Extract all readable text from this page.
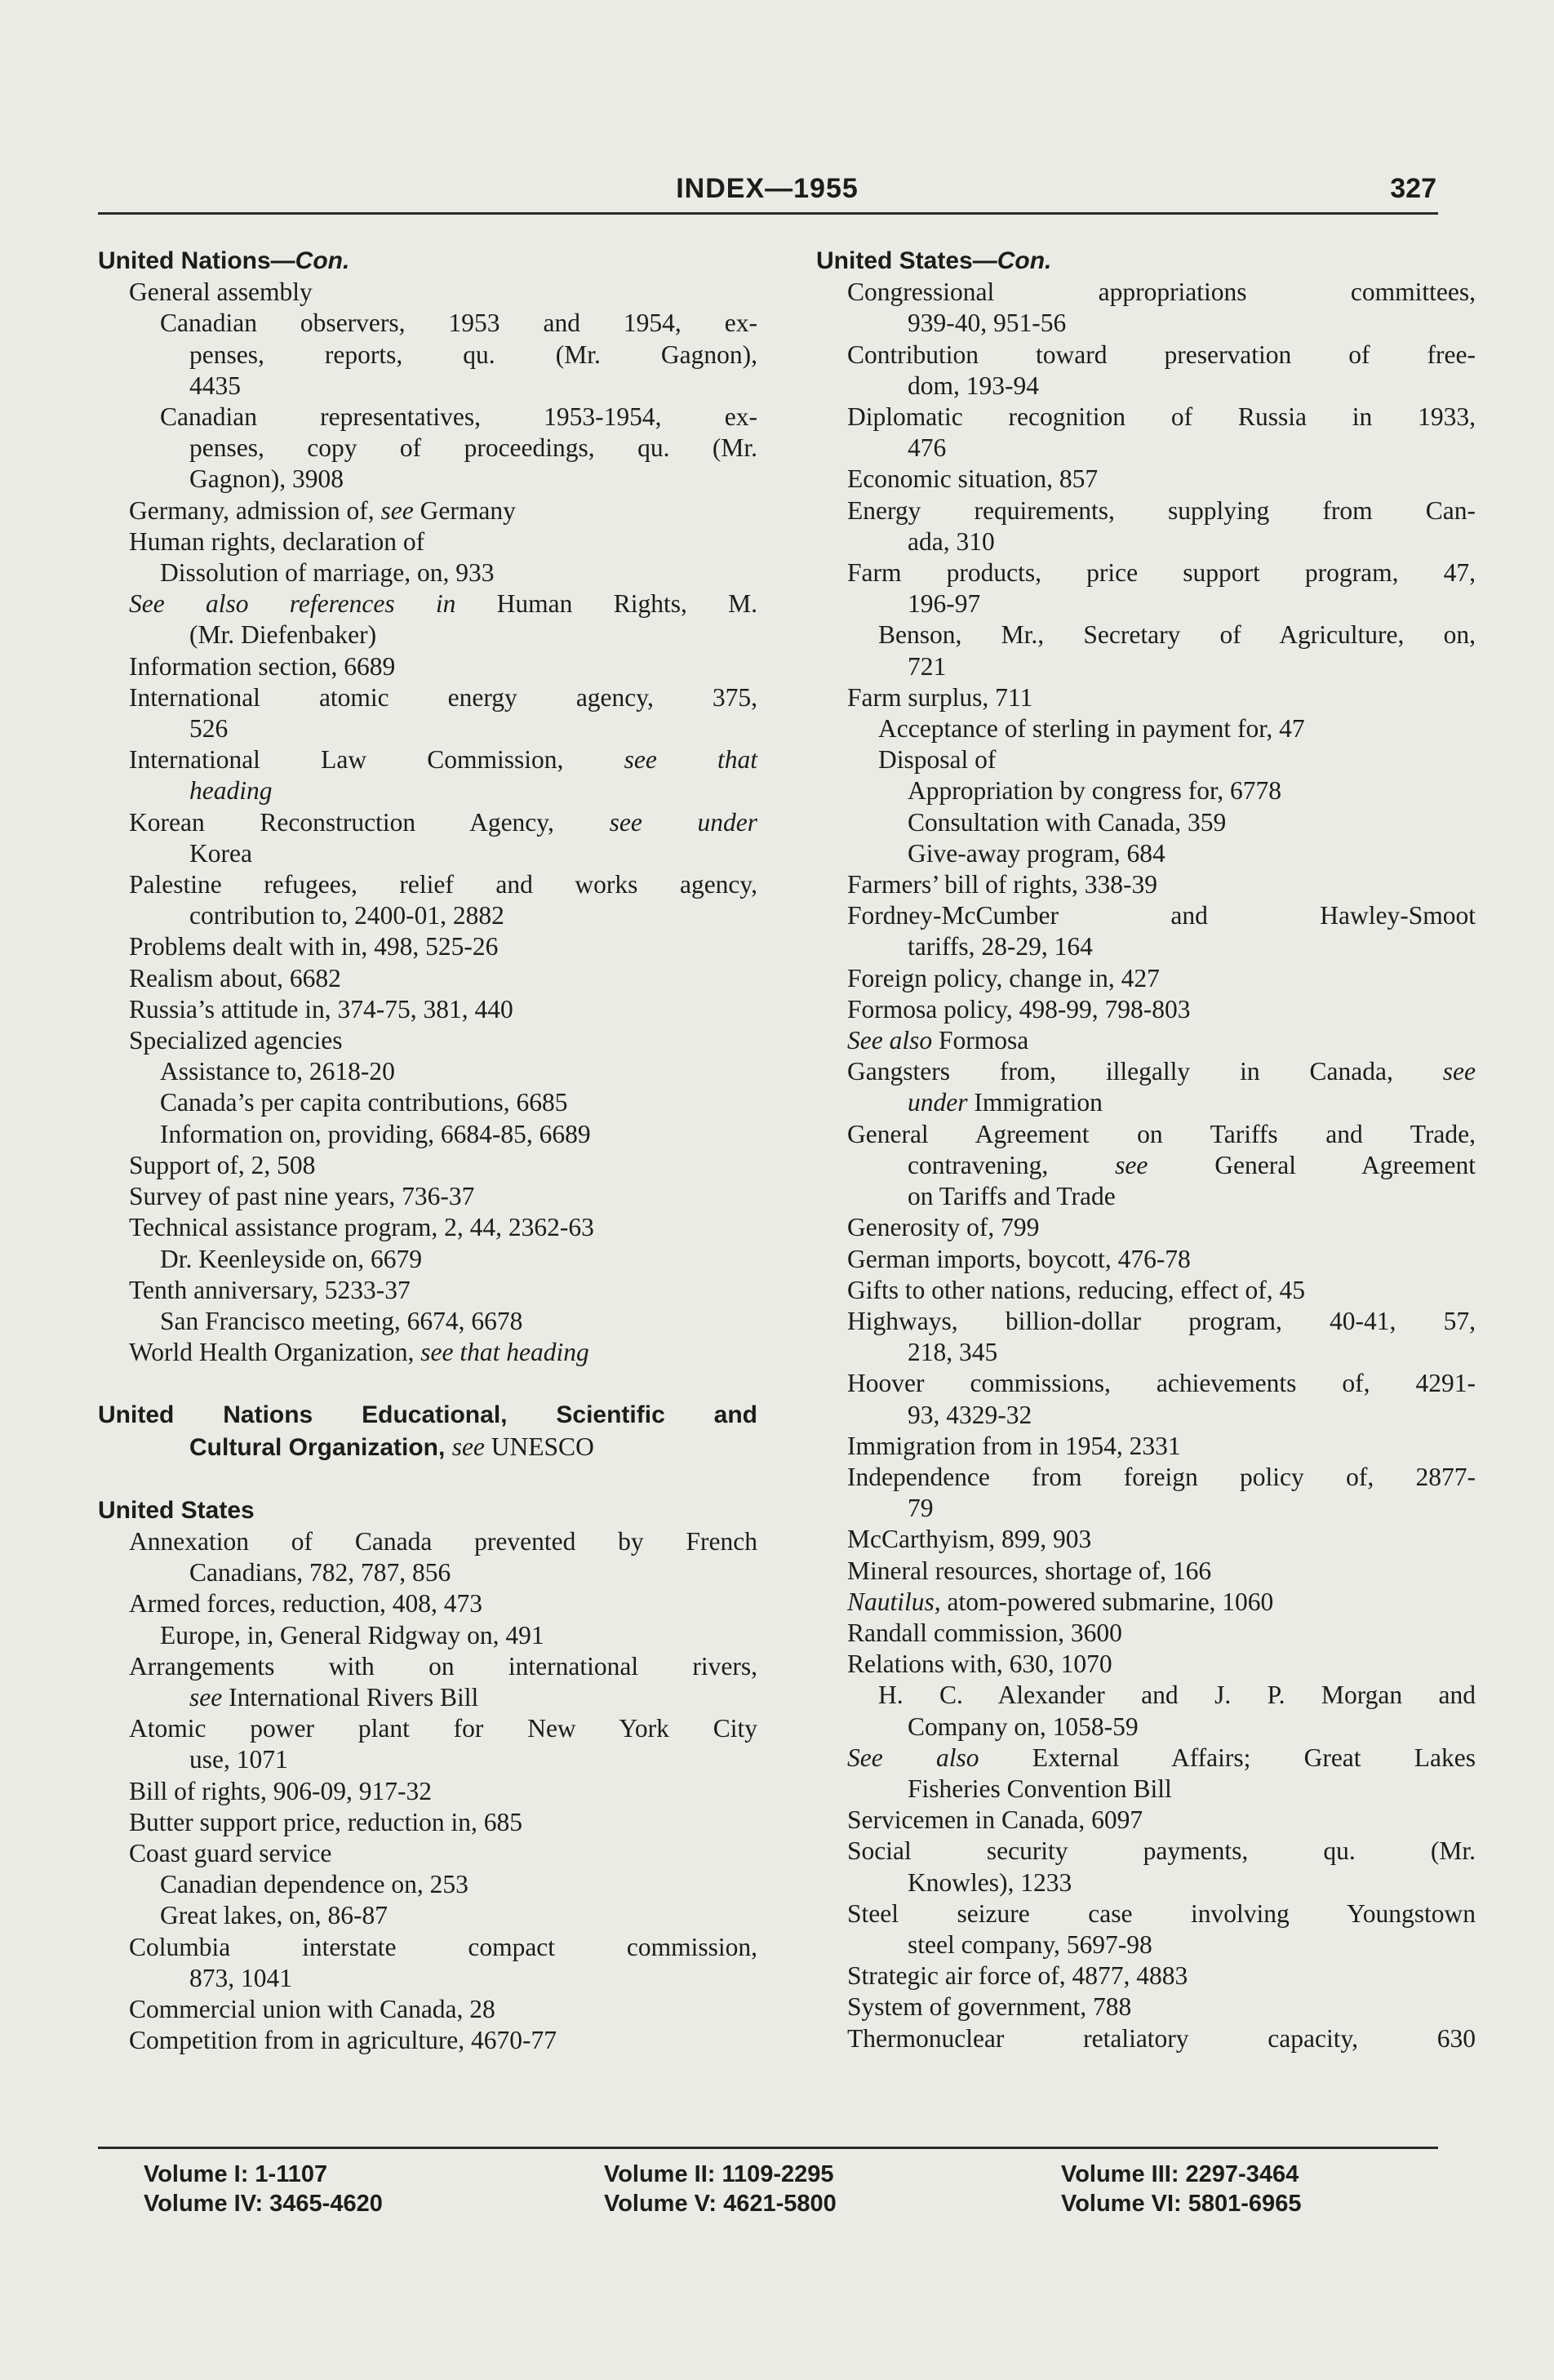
INDEX—1955	327
United Nations—Con.
General assembly
Canadian observers, 1953 and 1954, ex-
penses, reports, qu. (Mr. Gagnon),
4435
Canadian representatives, 1953-1954, ex-
penses, copy of proceedings, qu. (Mr.
Gagnon), 3908
Germany, admission of, see Germany
Human rights, declaration of
Dissolution of marriage, on, 933
See also references in Human Rights, M.
(Mr. Diefenbaker)
Information section, 6689
International atomic energy agency, 375,
526
International Law Commission, see that
heading
Korean Reconstruction Agency, see under
Korea
Palestine refugees, relief and works agency,
contribution to, 2400-01, 2882
Problems dealt with in, 498, 525-26
Realism about, 6682
Russia’s attitude in, 374-75, 381, 440
Specialized agencies
Assistance to, 2618-20
Canada’s per capita contributions, 6685
Information on, providing, 6684-85, 6689
Support of, 2, 508
Survey of past nine years, 736-37
Technical assistance program, 2, 44, 2362-63
Dr. Keenleyside on, 6679
Tenth anniversary, 5233-37
San Francisco meeting, 6674, 6678
World Health Organization, see that heading
United Nations Educational, Scientific and
Cultural Organization, see UNESCO
United States
Annexation of Canada prevented by French
Canadians, 782, 787, 856
Armed forces, reduction, 408, 473
Europe, in, General Ridgway on, 491
Arrangements with on international rivers,
see International Rivers Bill
Atomic power plant for New York City
use, 1071
Bill of rights, 906-09, 917-32
Butter support price, reduction in, 685
Coast guard service
Canadian dependence on, 253
Great lakes, on, 86-87
Columbia interstate compact commission,
873, 1041
Commercial union with Canada, 28
Competition from in agriculture, 4670-77
United States—Con.
Congressional appropriations committees,
939-40, 951-56
Contribution toward preservation of free-
dom, 193-94
Diplomatic recognition of Russia in 1933,
476
Economic situation, 857
Energy requirements, supplying from Can-
ada, 310
Farm products, price support program, 47,
196-97
Benson, Mr., Secretary of Agriculture, on,
721
Farm surplus, 711
Acceptance of sterling in payment for, 47
Disposal of
Appropriation by congress for, 6778
Consultation with Canada, 359
Give-away program, 684
Farmers’ bill of rights, 338-39
Fordney-McCumber and Hawley-Smoot
tariffs, 28-29, 164
Foreign policy, change in, 427
Formosa policy, 498-99, 798-803
See also Formosa
Gangsters from, illegally in Canada, see
under Immigration
General Agreement on Tariffs and Trade,
contravening, see General Agreement
on Tariffs and Trade
Generosity of, 799
German imports, boycott, 476-78
Gifts to other nations, reducing, effect of, 45
Highways, billion-dollar program, 40-41, 57,
218, 345
Hoover commissions, achievements of, 4291-
93, 4329-32
Immigration from in 1954, 2331
Independence from foreign policy of, 2877-
79
McCarthyism, 899, 903
Mineral resources, shortage of, 166
Nautilus, atom-powered submarine, 1060
Randall commission, 3600
Relations with, 630, 1070
H. C. Alexander and J. P. Morgan and
Company on, 1058-59
See also External Affairs; Great Lakes
Fisheries Convention Bill
Servicemen in Canada, 6097
Social security payments, qu. (Mr.
Knowles), 1233
Steel seizure case involving Youngstown
steel company, 5697-98
Strategic air force of, 4877, 4883
System of government, 788
Thermonuclear retaliatory capacity, 630
Volume I: 1-1107	Volume II: 1109-2295	Volume III: 2297-3464
Volume IV: 3465-4620	Volume V: 4621-5800	Volume VI: 5801-6965
